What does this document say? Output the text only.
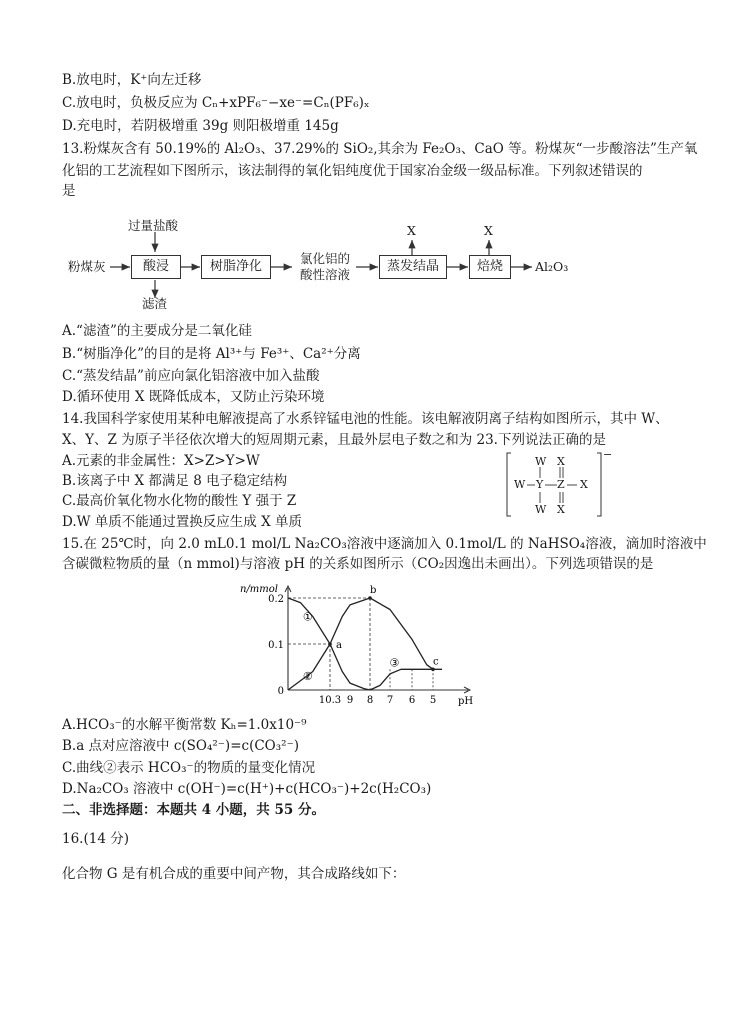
B.放电时，K⁺向左迁移
C.放电时，负极反应为 Cₙ+xPF₆⁻−xe⁻=Cₙ(PF₆)ₓ
D.充电时，若阴极增重 39g 则阳极增重 145g
13.粉煤灰含有 50.19%的 Al₂O₃、37.29%的 SiO₂,其余为 Fe₂O₃、CaO 等。粉煤灰“一步酸溶法”生产氧
化铝的工艺流程如下图所示，该法制得的氧化铝纯度优于国家冶金级一级品标准。下列叙述错误的
是
粉煤灰
过量盐酸
酸浸
滤渣
树脂净化
氯化铝的
酸性溶液
蒸发结晶
X
焙烧
X
Al₂O₃
A.“滤渣”的主要成分是二氧化硅
B.“树脂净化”的目的是将 Al³⁺与 Fe³⁺、Ca²⁺分离
C.“蒸发结晶”前应向氯化铝溶液中加入盐酸
D.循环使用 X 既降低成本，又防止污染环境
14.我国科学家使用某种电解液提高了水系锌锰电池的性能。该电解液阴离子结构如图所示，其中 W、
X、Y、Z 为原子半径依次增大的短周期元素，且最外层电子数之和为 23.下列说法正确的是
A.元素的非金属性：X>Z>Y>W
B.该离子中 X 都满足 8 电子稳定结构
C.最高价氧化物水化物的酸性 Y 强于 Z
D.W 单质不能通过置换反应生成 X 单质
W X
W Y Z X
W X
−
15.在 25℃时，向 2.0 mL0.1 mol/L Na₂CO₃溶液中逐滴加入 0.1mol/L 的 NaHSO₄溶液，滴加时溶液中
含碳微粒物质的量（n mmol)与溶液 pH 的关系如图所示（CO₂因逸出未画出）。下列选项错误的是
n/mmol
pH
0.2
0.1
0
10.3 9 8 7 6 5
①
②
③
a
b
c
A.HCO₃⁻的水解平衡常数 Kₕ=1.0x10⁻⁹
B.a 点对应溶液中 c(SO₄²⁻)=c(CO₃²⁻)
C.曲线②表示 HCO₃⁻的物质的量变化情况
D.Na₂CO₃ 溶液中 c(OH⁻)=c(H⁺)+c(HCO₃⁻)+2c(H₂CO₃)
二、非选择题：本题共 4 小题，共 55 分。
16.(14 分)
化合物 G 是有机合成的重要中间产物，其合成路线如下：
